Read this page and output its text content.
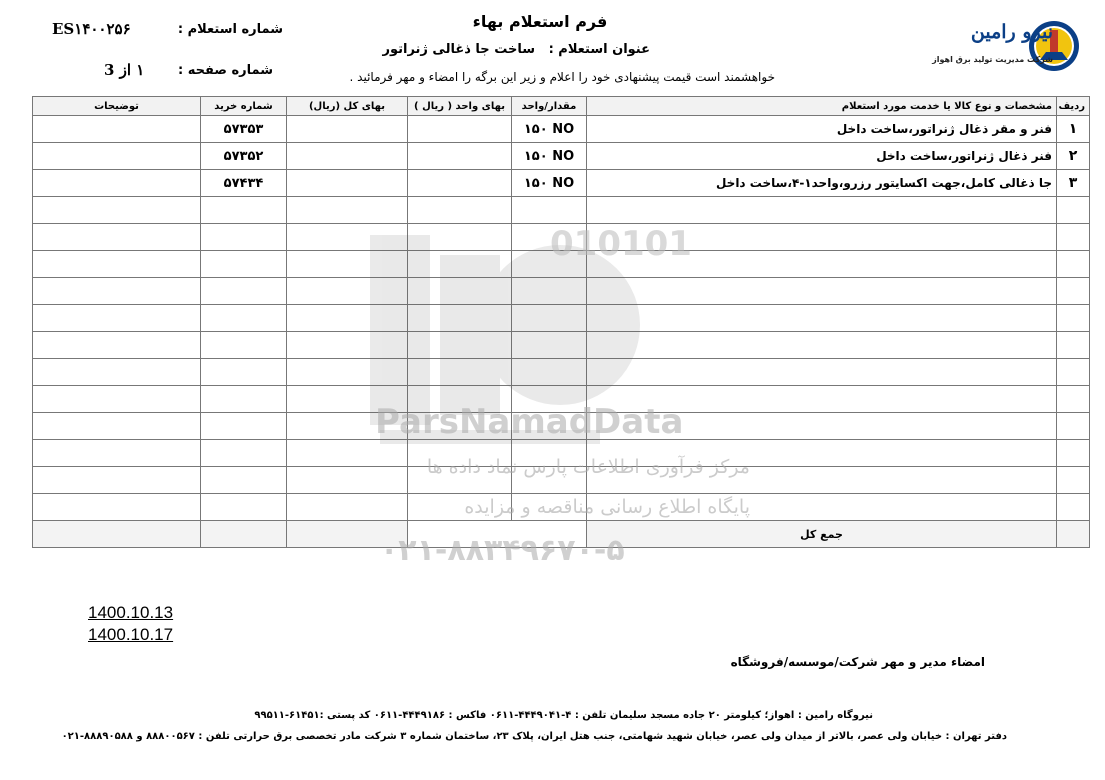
فرم استعلام بهاء
شماره استعلام :
ES۱۴۰۰۲۵۶
شماره صفحه :
۱ از 3
عنوان استعلام :   ساخت جا ذغالی ژنراتور
خواهشمند است قیمت پیشنهادی خود را اعلام و زیر این برگه را امضاء و مهر فرمائید .
نیرو رامین
شرکت مدیریت تولید برق اهواز
ردیف	مشخصات و نوع کالا یا خدمت مورد استعلام	مقدار/واحد	بهای واحد ( ریال )	بهای کل (ریال)	شماره خرید	توضیحات
۱	فنر و مقر ذغال ژنراتور،ساخت داخل	۱۵۰ NO			۵۷۳۵۳	
۲	فنر ذغال ژنراتور،ساخت داخل	۱۵۰ NO			۵۷۳۵۲	
۳	جا ذغالی کامل،جهت اکسایتور رزرو،واحد۱-۴،ساخت داخل	۱۵۰ NO			۵۷۴۳۴	

	جمع کل					
010101
ParsNamadData
مرکز فرآوری اطلاعات پارس نماد داده ها
پایگاه اطلاع رسانی مناقصه و مزایده
۰۲۱-۸۸۳۴۹۶۷۰-۵
1400.10.13
1400.10.17
امضاء مدیر و مهر شرکت/موسسه/فروشگاه
نیروگاه رامین : اهواز؛ کیلومتر ۲۰ جاده مسجد سلیمان تلفن : ۴-۴۴۴۹۰۴۱-۰۶۱۱ فاکس : ۴۴۴۹۱۸۶-۰۶۱۱ کد پستی :۶۱۴۵۱-۹۹۵۱۱
دفتر تهران : خیابان ولی عصر، بالاتر از میدان ولی عصر، خیابان شهید شهامتی، جنب هتل ایران، پلاک ۲۳، ساختمان شماره ۳ شرکت مادر تخصصی برق حرارتی تلفن : ۸۸۸۰۰۵۶۷ و ۸۸۸۹۰۵۸۸-۰۲۱
